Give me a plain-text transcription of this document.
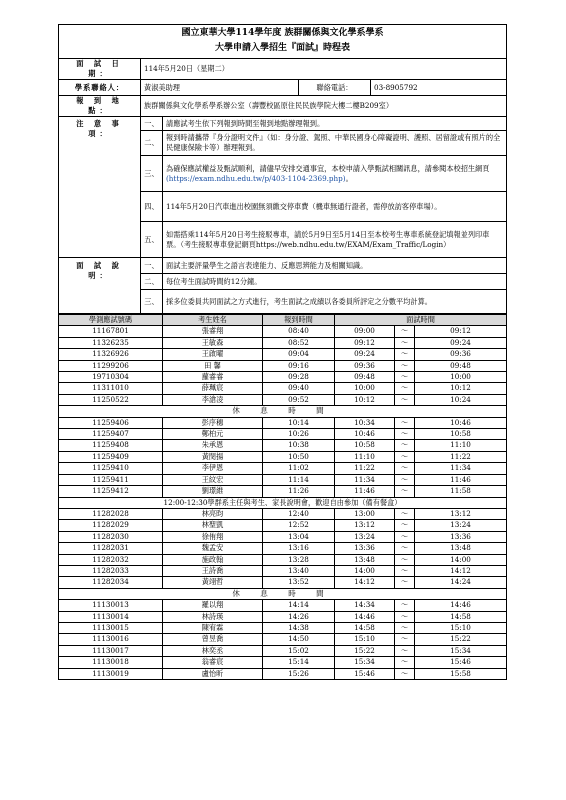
國立東華大學114學年度 族群關係與文化學系學系				
大學申請入學招生『面試』時程表				
面 試 日 期：	114年5月20日（星期二）			
學系聯絡人：	黃淑美助理		聯絡電話：	03-8905792
報 到 地 點：	族群關係與文化學系學系辦公室（壽豐校區原住民民族學院大樓二樓B209室）			
注 意 事 項：	一、	請應試考生依下列報到時間至報到地點辦理報到。		
	二、	報到時請攜帶『身分證明文件』（如：身分證、駕照、中華民國身心障礙證明、護照、居留證或有照片的全民健康保險卡等）辦理報到。		
	三、	為確保應試權益及甄試順利，請儘早安排交通事宜，本校申請入學甄試相關訊息，請參閱本校招生網頁(https://exam.ndhu.edu.tw/p/403-1104-2369.php)。		
	四、	114年5月20日汽車進出校園無須繳交停車費（機車無通行證者，需停放訪客停車場）。		
	五、	如需搭乘114年5月20日考生接駁專車，請於5月9日至5月14日至本校考生專車系統登記填報並列印車票。（考生接駁專車登記網頁https://web.ndhu.edu.tw/EXAM/Exam_Traffic/Login）		
面 試 說 明：	一、	面試主要評量學生之語言表達能力、反應思辨能力及相關知識。		
	二、	每位考生面試時間約12分鐘。		
	三、	採多位委員共同面試之方式進行，考生面試之成績以各委員所評定之分數平均計算。		
學測應試號碼	考生姓名	報到時間	面試時間		
11167801	張睿翔	08:40	09:00	～	09:12
11326235	王敏森	08:52	09:12	～	09:24
11326926	王啟曜	09:04	09:24	～	09:36
11299206	田 馨	09:16	09:36	～	09:48
19710304	蘿睿睿	09:28	09:48	～	10:00
11311010	薛珮宸	09:40	10:00	～	10:12
11250522	李滄凌	09:52	10:12	～	10:24
休 息 時 間					
11259406	彭序穗	10:14	10:34	～	10:46
11259407	鄭柏元	10:26	10:46	～	10:58
11259408	朱承恩	10:38	10:58	～	11:10
11259409	黃閔揚	10:50	11:10	～	11:22
11259410	李伊恩	11:02	11:22	～	11:34
11259411	王紋宏	11:14	11:34	～	11:46
11259412	劉璟維	11:26	11:46	～	11:58
12:00-12:30學群系主任與考生、家長說明會，歡迎自由參加（備有餐盒）					
11282028	林亮昀	12:40	13:00	～	13:12
11282029	林聖凱	12:52	13:12	～	13:24
11282030	徐侑翔	13:04	13:24	～	13:36
11282031	魏孟安	13:16	13:36	～	13:48
11282032	施政翰	13:28	13:48	～	14:00
11282033	王詩喬	13:40	14:00	～	14:12
11282034	黃翊哲	13:52	14:12	～	14:24
休 息 時 間					
11130013	羅以翔	14:14	14:34	～	14:46
11130014	林詩瑛	14:26	14:46	～	14:58
11130015	陳宥霖	14:38	14:58	～	15:10
11130016	曾昱喬	14:50	15:10	～	15:22
11130017	林奕丞	15:02	15:22	～	15:34
11130018	翁睿宸	15:14	15:34	～	15:46
11130019	盧怡昕	15:26	15:46	～	15:58
